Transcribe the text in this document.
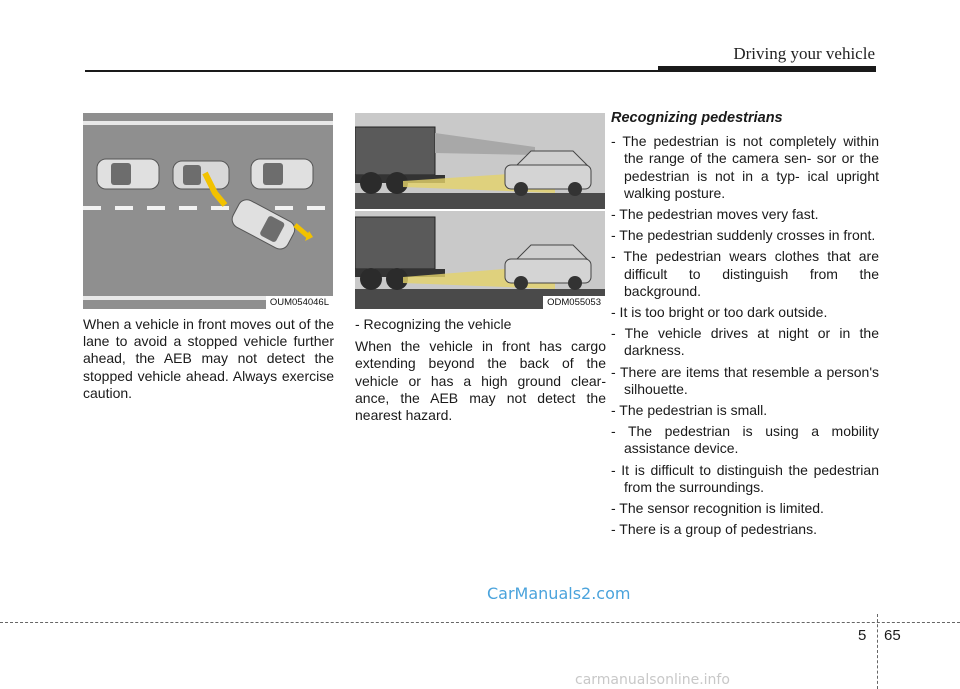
Driving your vehicle
OUM054046L	ODM055053

When a vehicle in front moves out of the lane to avoid a stopped vehicle further ahead, the AEB may not detect the stopped vehicle ahead. Always exercise caution.

- Recognizing the vehicle

When the vehicle in front has cargo extending beyond the back of the vehicle or has a high ground clear- ance, the AEB may not detect the nearest hazard.

Recognizing pedestrians
- The pedestrian is not completely within the range of the camera sen- sor or the pedestrian is not in a typ- ical upright walking posture.
- The pedestrian moves very fast.
- The pedestrian suddenly crosses in front.
- The pedestrian wears clothes that are difficult to distinguish from the background.
- It is too bright or too dark outside.
- The vehicle drives at night or in the darkness.
- There are items that resemble a person's silhouette.
- The pedestrian is small.
- The pedestrian is using a mobility assistance device.
- It is difficult to distinguish the pedestrian from the surroundings.
- The sensor recognition is limited.
- There is a group of pedestrians.
CarManuals2.com
5 65
carmanualsonline.info
